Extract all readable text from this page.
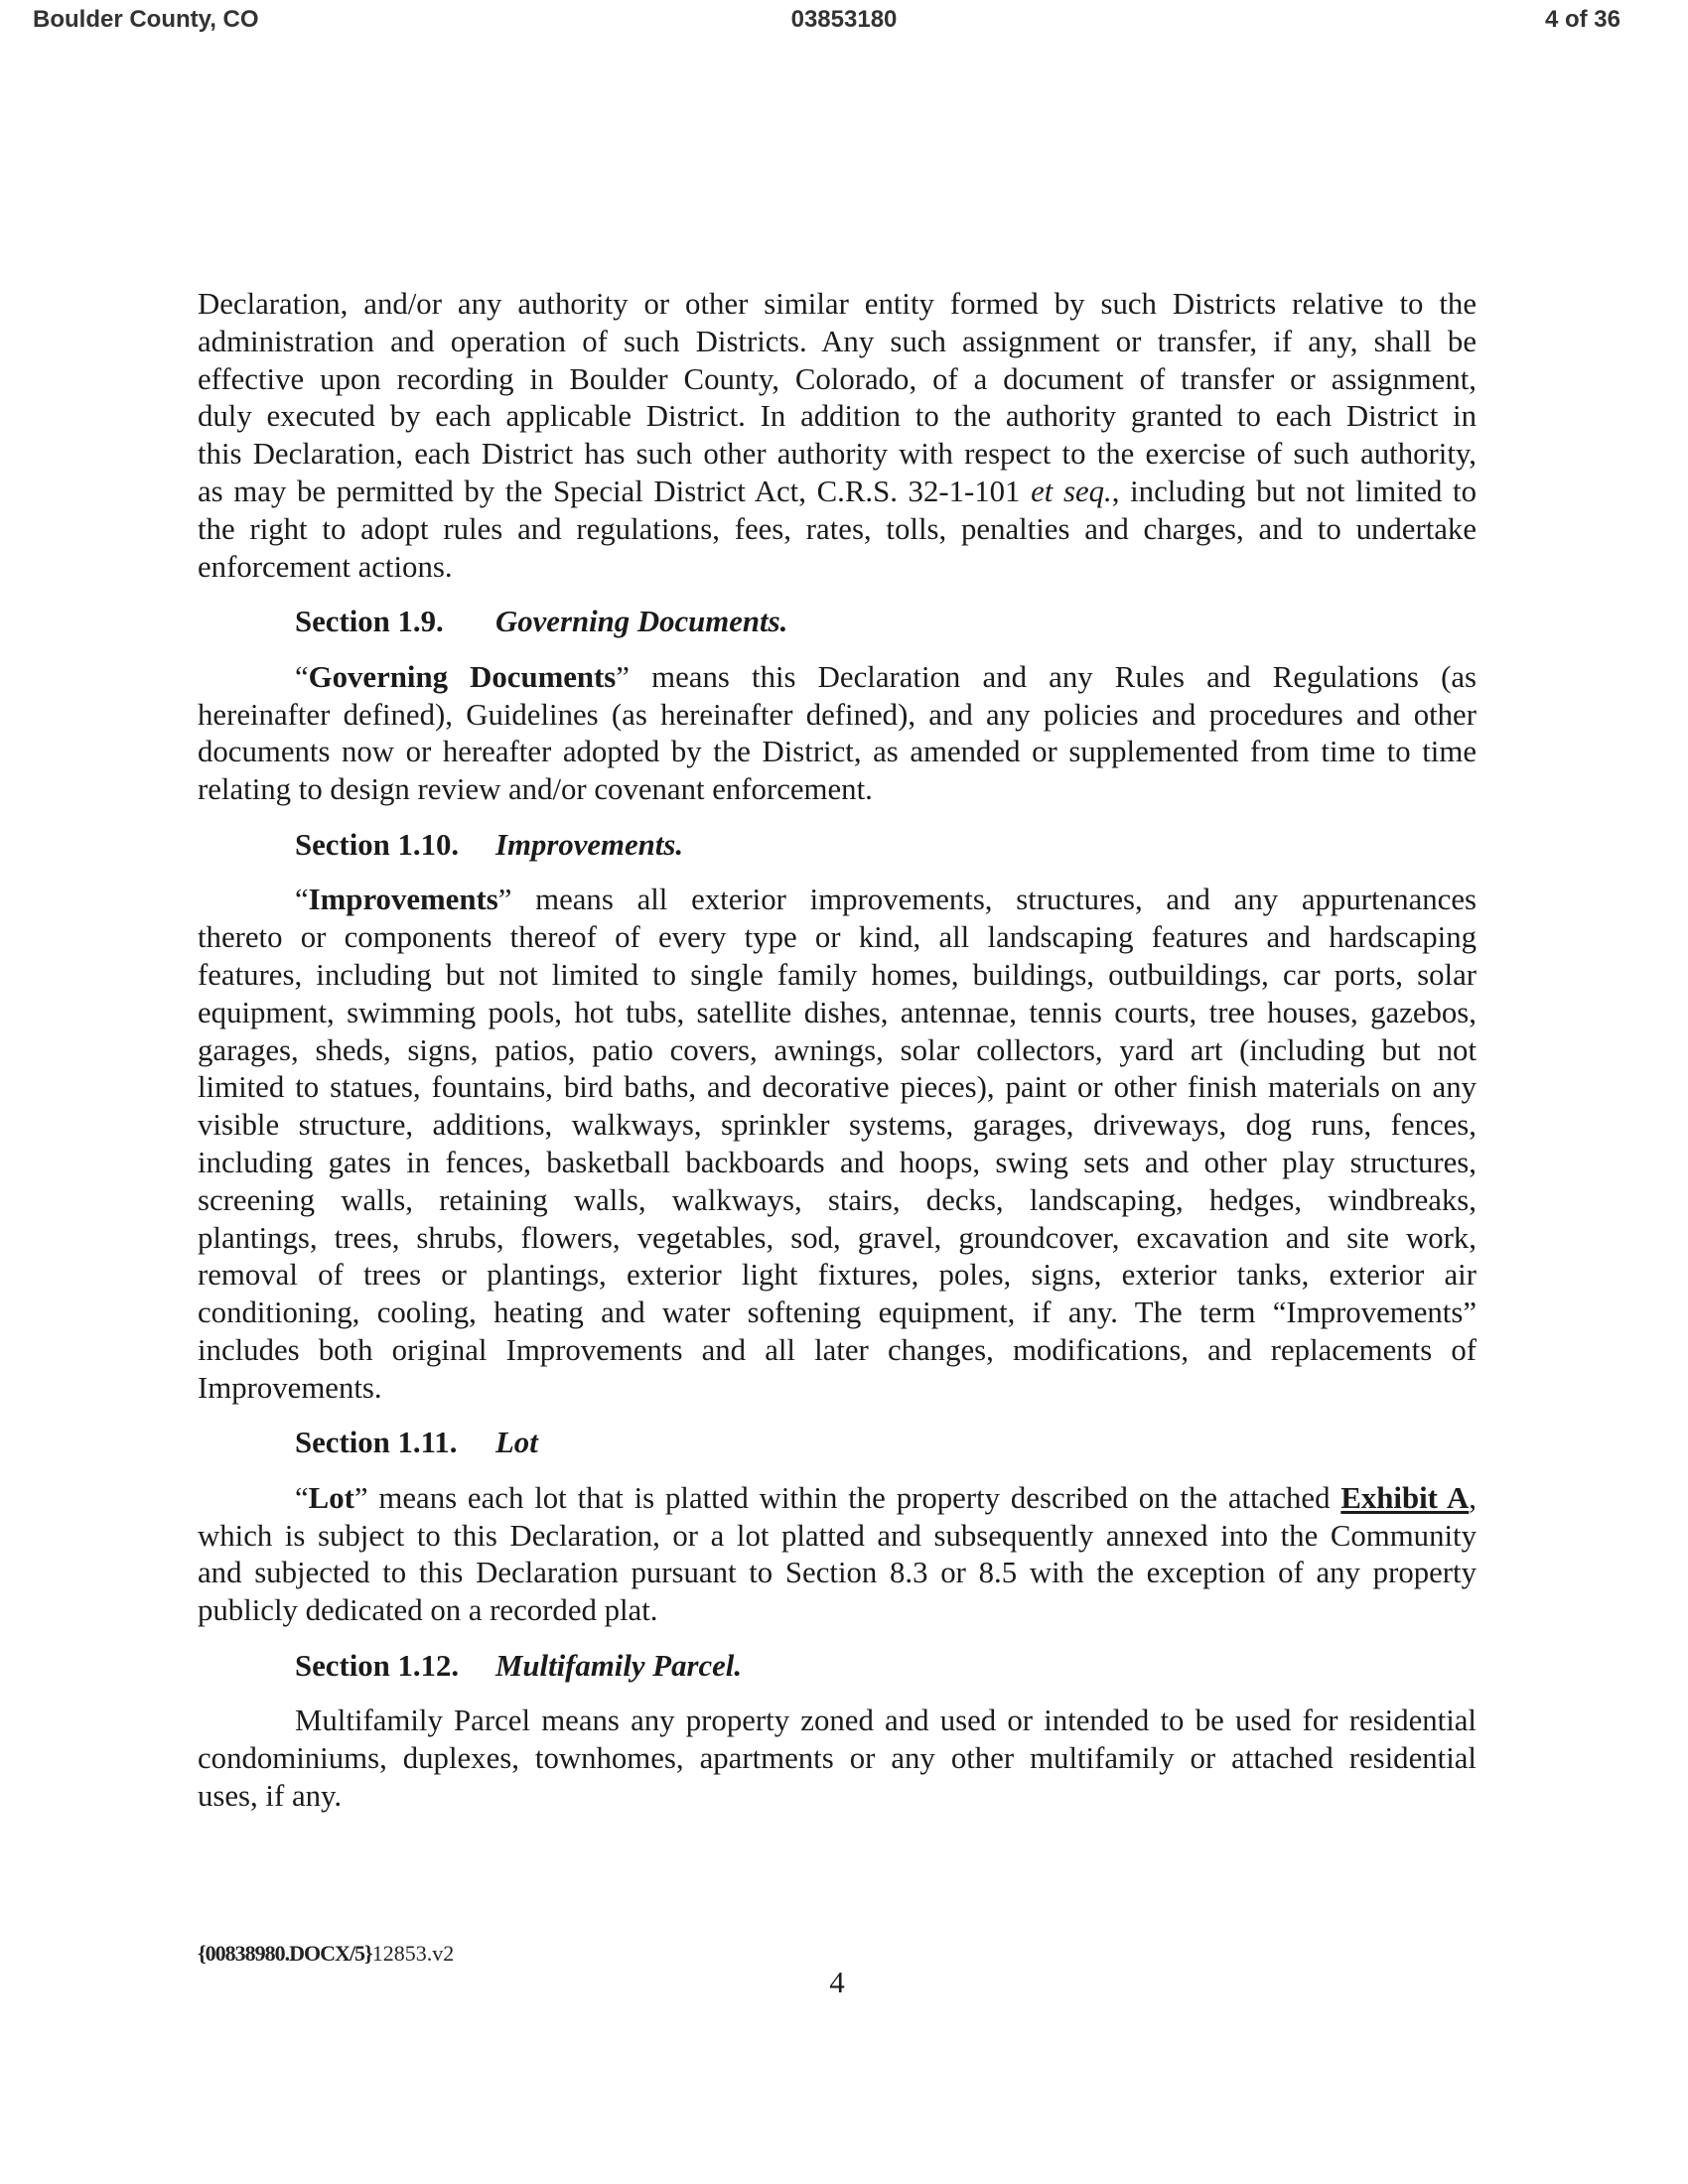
Boulder County, CO	03853180	4 of 36
Declaration, and/or any authority or other similar entity formed by such Districts relative to the
administration and operation of such Districts. Any such assignment or transfer, if any, shall be
effective upon recording in Boulder County, Colorado, of a document of transfer or assignment,
duly executed by each applicable District. In addition to the authority granted to each District in
this Declaration, each District has such other authority with respect to the exercise of such authority,
as may be permitted by the Special District Act, C.R.S. 32-1-101 et seq., including but not limited to
the right to adopt rules and regulations, fees, rates, tolls, penalties and charges, and to undertake
enforcement actions.
Section 1.9. Governing Documents.
“Governing Documents” means this Declaration and any Rules and Regulations (as
hereinafter defined), Guidelines (as hereinafter defined), and any policies and procedures and other
documents now or hereafter adopted by the District, as amended or supplemented from time to time
relating to design review and/or covenant enforcement.
Section 1.10. Improvements.
“Improvements” means all exterior improvements, structures, and any appurtenances
thereto or components thereof of every type or kind, all landscaping features and hardscaping
features, including but not limited to single family homes, buildings, outbuildings, car ports, solar
equipment, swimming pools, hot tubs, satellite dishes, antennae, tennis courts, tree houses, gazebos,
garages, sheds, signs, patios, patio covers, awnings, solar collectors, yard art (including but not
limited to statues, fountains, bird baths, and decorative pieces), paint or other finish materials on any
visible structure, additions, walkways, sprinkler systems, garages, driveways, dog runs, fences,
including gates in fences, basketball backboards and hoops, swing sets and other play structures,
screening walls, retaining walls, walkways, stairs, decks, landscaping, hedges, windbreaks,
plantings, trees, shrubs, flowers, vegetables, sod, gravel, groundcover, excavation and site work,
removal of trees or plantings, exterior light fixtures, poles, signs, exterior tanks, exterior air
conditioning, cooling, heating and water softening equipment, if any. The term “Improvements”
includes both original Improvements and all later changes, modifications, and replacements of
Improvements.
Section 1.11. Lot
“Lot” means each lot that is platted within the property described on the attached Exhibit A,
which is subject to this Declaration, or a lot platted and subsequently annexed into the Community
and subjected to this Declaration pursuant to Section 8.3 or 8.5 with the exception of any property
publicly dedicated on a recorded plat.
Section 1.12. Multifamily Parcel.
Multifamily Parcel means any property zoned and used or intended to be used for residential
condominiums, duplexes, townhomes, apartments or any other multifamily or attached residential
uses, if any.
{00838980.DOCX/5}12853.v2
4
